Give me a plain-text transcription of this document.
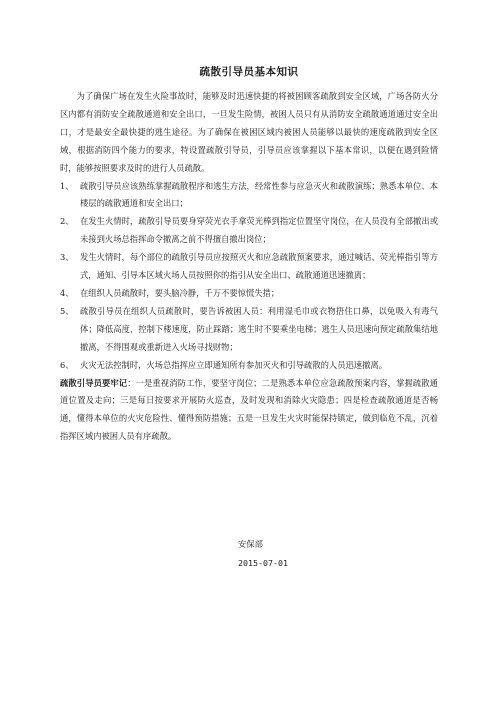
疏散引导员基本知识

为了确保广场在发生火险事故时，能够及时迅速快捷的将被困顾客疏散到安全区域，广场各防火分区内都有消防安全疏散通道和安全出口，一旦发生险情，被困人员只有从消防安全疏散通道通过安全出口，才是最安全最快捷的逃生途径。为了确保在被困区域内被困人员能够以最快的速度疏散到安全区域，根据消防四个能力的要求，特设置疏散引导员，引导员应该掌握以下基本常识，以便在遇到险情时，能够按照要求及时的进行人员疏散。

1、 疏散引导员应该熟练掌握疏散程序和逃生方法，经常性参与应急灭火和疏散演练；熟悉本单位、本楼层的疏散通道和安全出口；
2、 在发生火情时，疏散引导员要身穿荧光衣手拿荧光棒到指定位置坚守岗位，在人员没有全部撤出或未接到火场总指挥命令撤离之前不得擅自撤出岗位；
3、 发生火情时，每个部位的疏散引导员应按照灭火和应急疏散预案要求，通过喊话、荧光棒指引等方式，通知、引导本区域火场人员按照你的指引从安全出口、疏散通道迅速撤离；
4、 在组织人员疏散时，要头脑冷静，千万不要惊慌失措；
5、 疏散引导员在组织人员疏散时，要告诉被困人员：利用湿毛巾或衣物捂住口鼻，以免吸入有毒气体；降低高度，控制下楼速度，防止踩踏；逃生时不要乘坐电梯；逃生人员迅速向预定疏散集结地撤离，不得围观或重新进入火场寻找财物；
6、 火灾无法控制时，火场总指挥应立即通知所有参加灭火和引导疏散的人员迅速撤离。

疏散引导员要牢记：一是重视消防工作，要坚守岗位；二是熟悉本单位应急疏散预案内容，掌握疏散通道位置及走向；三是每日按要求开展防火巡查，及时发现和消除火灾隐患；四是检查疏散通道是否畅通，懂得本单位的火灾危险性、懂得预防措施；五是一旦发生火灾时能保持镇定，做到临危不乱，沉着指挥区域内被困人员有序疏散。

安保部
2015-07-01
